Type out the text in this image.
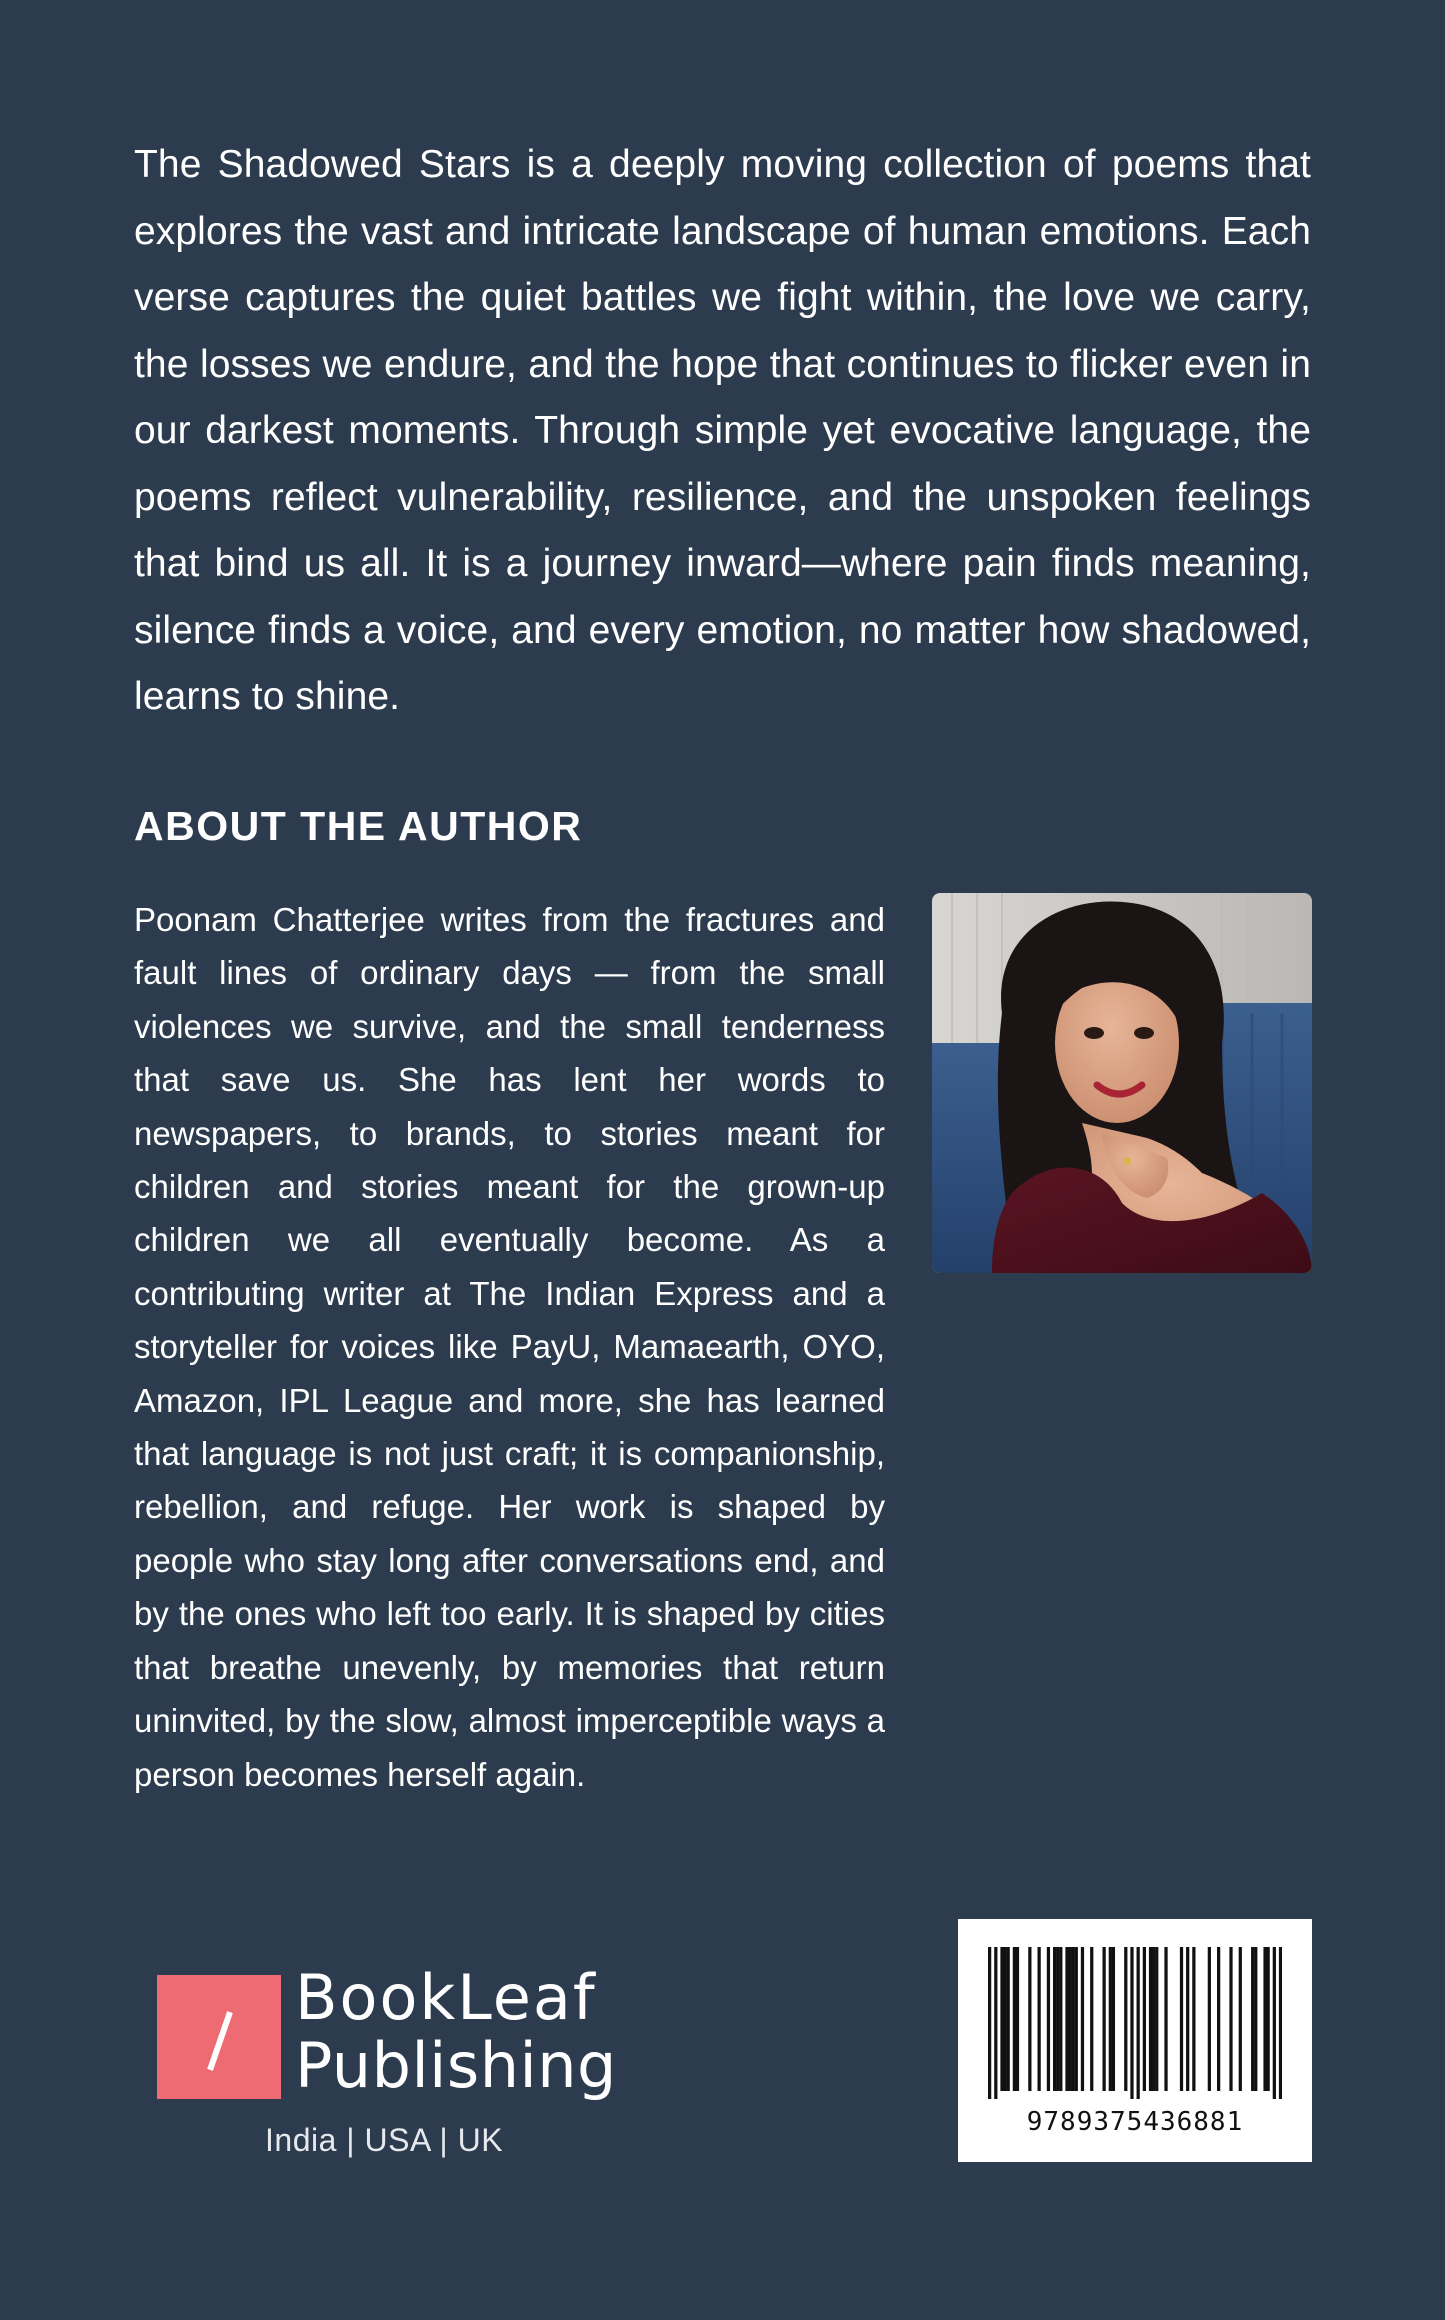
The Shadowed Stars is a deeply moving collection of poems that explores the vast and intricate landscape of human emotions. Each verse captures the quiet battles we fight within, the love we carry, the losses we endure, and the hope that continues to flicker even in our darkest moments. Through simple yet evocative language, the poems reflect vulnerability, resilience, and the unspoken feelings that bind us all. It is a journey inward—where pain finds meaning, silence finds a voice, and every emotion, no matter how shadowed, learns to shine.

ABOUT THE AUTHOR

Poonam Chatterjee writes from the fractures and fault lines of ordinary days — from the small violences we survive, and the small tenderness that save us. She has lent her words to newspapers, to brands, to stories meant for children and stories meant for the grown-up children we all eventually become. As a contributing writer at The Indian Express and a storyteller for voices like PayU, Mamaearth, OYO, Amazon, IPL League and more, she has learned that language is not just craft; it is companionship, rebellion, and refuge. Her work is shaped by people who stay long after conversations end, and by the ones who left too early. It is shaped by cities that breathe unevenly, by memories that return uninvited, by the slow, almost imperceptible ways a person becomes herself again.

BookLeaf
Publishing
India | USA | UK	9789375436881
